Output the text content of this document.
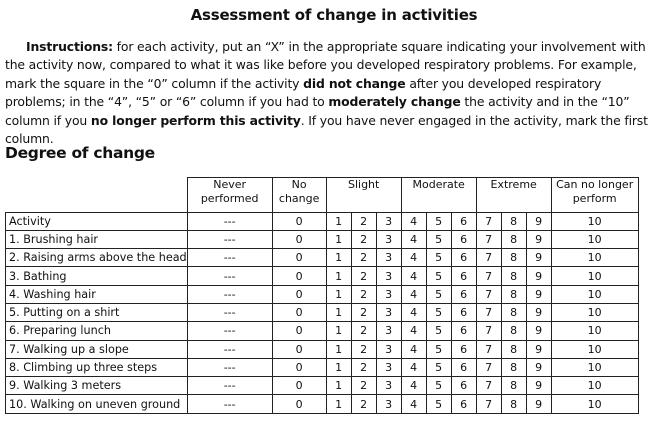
Assessment of change in activities
Instructions: for each activity, put an “X” in the appropriate square indicating your involvement with the activity now, compared to what it was like before you developed respiratory problems. For example, mark the square in the “0” column if the activity did not change after you developed respiratory problems; in the “4”, “5” or “6” column if you had to moderately change the activity and in the “10” column if you no longer perform this activity. If you have never engaged in the activity, mark the first column.
Degree of change
	Never performed	No change	Slight			Moderate			Extreme			Can no longer perform
Activity	---	0	1	2	3	4	5	6	7	8	9	10
1. Brushing hair	---	0	1	2	3	4	5	6	7	8	9	10
2. Raising arms above the head	---	0	1	2	3	4	5	6	7	8	9	10
3. Bathing	---	0	1	2	3	4	5	6	7	8	9	10
4. Washing hair	---	0	1	2	3	4	5	6	7	8	9	10
5. Putting on a shirt	---	0	1	2	3	4	5	6	7	8	9	10
6. Preparing lunch	---	0	1	2	3	4	5	6	7	8	9	10
7. Walking up a slope	---	0	1	2	3	4	5	6	7	8	9	10
8. Climbing up three steps	---	0	1	2	3	4	5	6	7	8	9	10
9. Walking 3 meters	---	0	1	2	3	4	5	6	7	8	9	10
10. Walking on uneven ground	---	0	1	2	3	4	5	6	7	8	9	10
